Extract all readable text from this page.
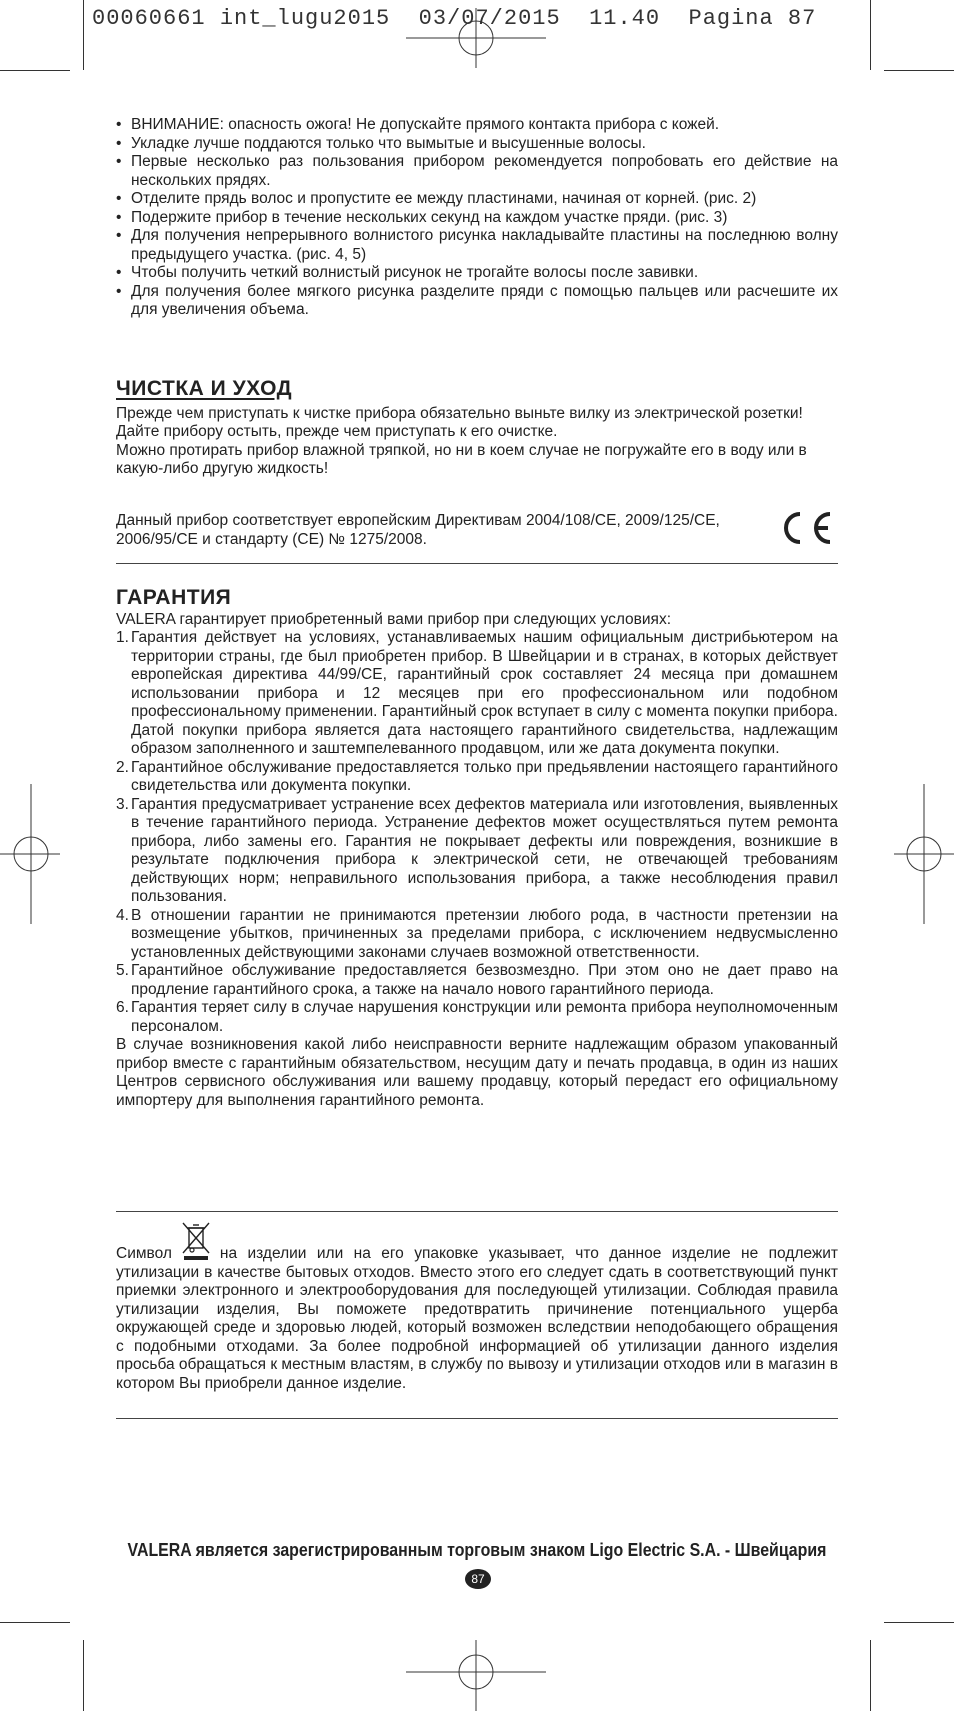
00060661 int_lugu2015  03/07/2015  11.40  Pagina 87
• ВНИМАНИЕ: опасность ожога! Не допускайте прямого контакта прибора с кожей.
• Укладке лучше поддаются только что вымытые и высушенные волосы.
• Первые несколько раз пользования прибором рекомендуется попробовать его действие на нескольких прядях.
• Отделите прядь волос и пропустите ее между пластинами, начиная от корней. (рис. 2)
• Подержите прибор в течение нескольких секунд на каждом участке пряди. (рис. 3)
• Для получения непрерывного волнистого рисунка накладывайте пластины на последнюю волну предыдущего участка. (рис. 4, 5)
• Чтобы получить четкий волнистый рисунок не трогайте волосы после завивки.
• Для получения более мягкого рисунка разделите пряди с помощью пальцев или расчешите их для увеличения объема.
ЧИСТКА И УХОД

Прежде чем приступать к чистке прибора обязательно выньте вилку из электрической розетки! Дайте прибору остыть, прежде чем приступать к его очистке.

Можно протирать прибор влажной тряпкой, но ни в коем случае не погружайте его в воду или в какую-либо другую жидкость!

Данный прибор соответствует европейским Директивам 2004/108/CE, 2009/125/CE, 2006/95/CE и стандарту (CE) № 1275/2008.
ГАРАНТИЯ

VALERA гарантирует приобретенный вами прибор при следующих условиях:

1. Гарантия действует на условиях, устанавливаемых нашим официальным дистрибьютером на территории страны, где был приобретен прибор. В Швейцарии и в странах, в которых действует европейская директива 44/99/CE, гарантийный срок составляет 24 месяца при домашнем использовании прибора и 12 месяцев при его профессиональном или подобном профессиональному применении. Гарантийный срок вступает в силу с момента покупки прибора. Датой покупки прибора является дата настоящего гарантийного свидетельства, надлежащим образом заполненного и заштемпелеванного продавцом, или же дата документа покупки.
2. Гарантийное обслуживание предоставляется только при предьявлении настоящего гарантийного свидетельства или документа покупки.
3. Гарантия предусматривает устранение всех дефектов материала или изготовления, выявленных в течение гарантийного периода. Устранение дефектов может осуществляться путем ремонта прибора, либо замены его. Гарантия не покрывает дефекты или повреждения, возникшие в результате подключения прибора к электрической сети, не отвечающей требованиям действующих норм; неправильного использования прибора, а также несоблюдения правил пользования.
4. В отношении гарантии не принимаются претензии любого рода, в частности претензии на возмещение убытков, причиненных за пределами прибора, с исключением недвусмысленно установленных действующими законами случаев возможной ответственности.
5. Гарантийное обслуживание предоставляется безвозмездно. При этом оно не дает право на продление гарантийного срока, а также на начало нового гарантийного периода.
6. Гарантия теряет силу в случае нарушения конструкции или ремонта прибора неуполномоченным персоналом.

В случае возникновения какой либо неисправности верните надлежащим образом упакованный прибор вместе с гарантийным обязательством, несущим дату и печать продавца, в один из наших Центров сервисного обслуживания или вашему продавцу, который передаст его официальному импортеру для выполнения гарантийного ремонта.

Символ	на изделии или на его упаковке указывает, что данное изделие не подлежит утилизации в качестве бытовых отходов. Вместо этого его следует сдать в соответствующий пункт приемки электронного и электрооборудования для последующей утилизации. Соблюдая правила утилизации изделия, Вы поможете предотвратить причинение потенциального ущерба окружающей среде и здоровью людей, который возможен вследствии неподобающего обращения с подобными отходами. За более подробной информацией об утилизации данного изделия просьба обращаться к местным властям, в службу по вывозу и утилизации отходов или в магазин в котором Вы приобрели данное изделие.

VALERA является зарегистрированным торговым знаком Ligo Electric S.A. - Швейцария
87
